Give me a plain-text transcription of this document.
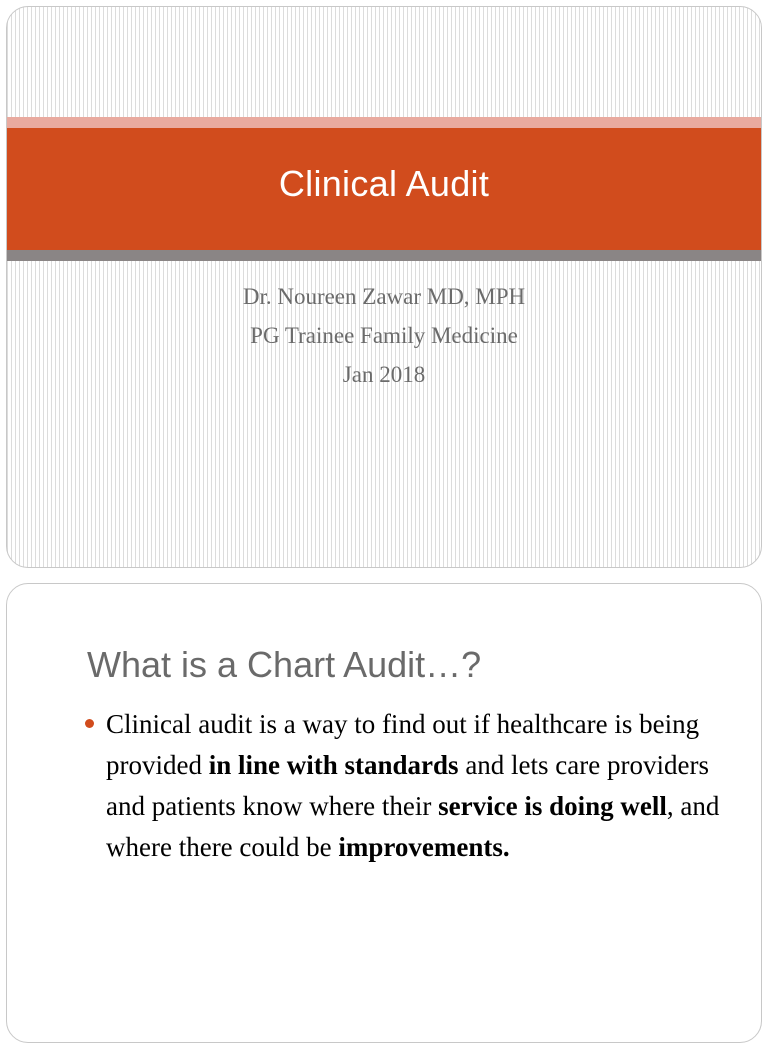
Clinical Audit
Dr. Noureen Zawar MD, MPH
PG Trainee Family Medicine
Jan 2018
What is a Chart Audit…?
Clinical audit is a way to find out if healthcare is being provided in line with standards and lets care providers and patients know where their service is doing well, and where there could be improvements.
